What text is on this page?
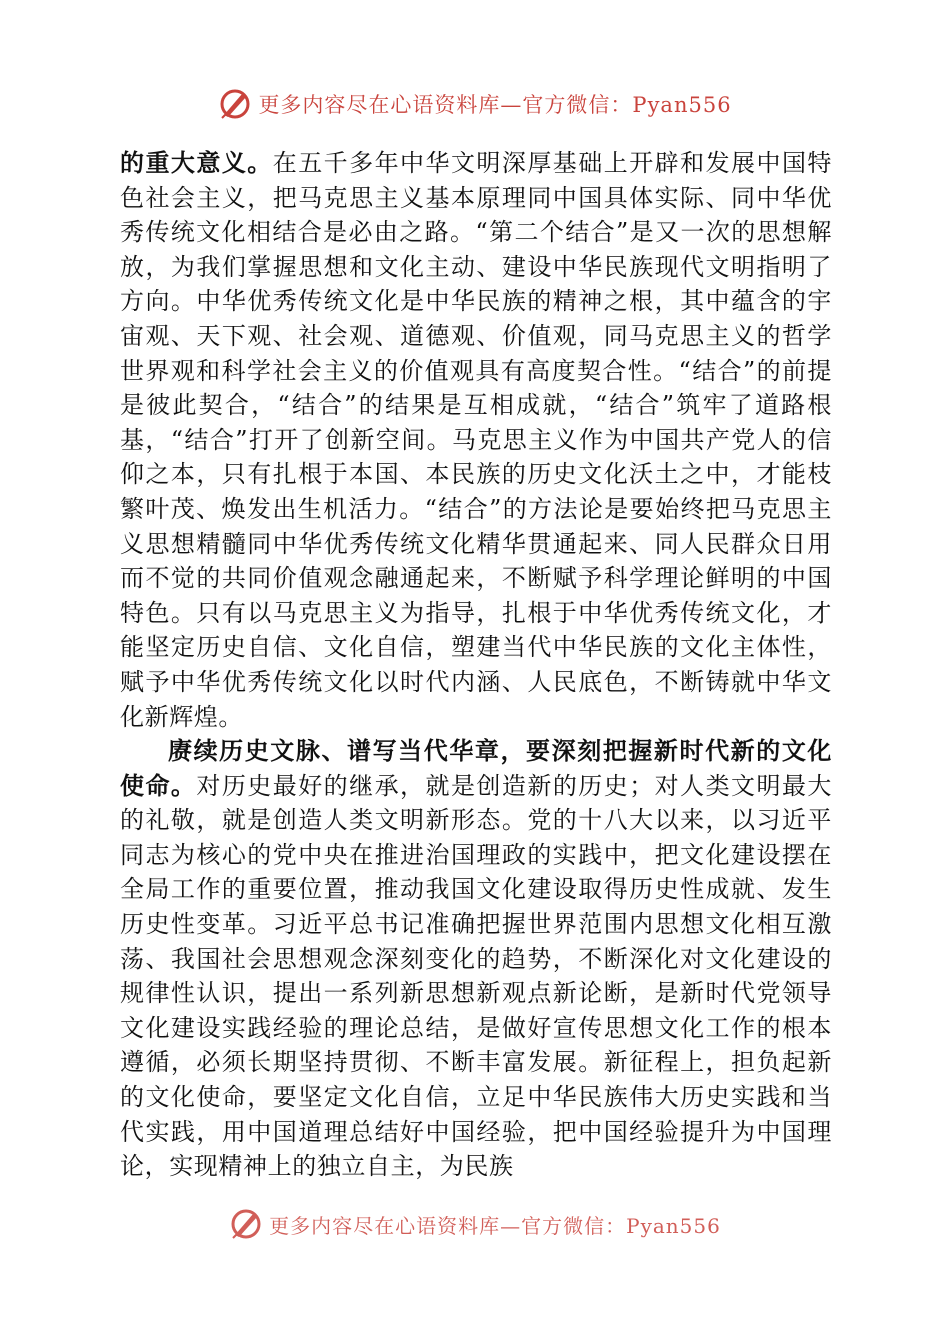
更多内容尽在心语资料库—官方微信：Pyan556

的重大意义。在五千多年中华文明深厚基础上开辟和发展中国特色社会主义，把马克思主义基本原理同中国具体实际、同中华优秀传统文化相结合是必由之路。“第二个结合”是又一次的思想解放，为我们掌握思想和文化主动、建设中华民族现代文明指明了方向。中华优秀传统文化是中华民族的精神之根，其中蕴含的宇宙观、天下观、社会观、道德观、价值观，同马克思主义的哲学世界观和科学社会主义的价值观具有高度契合性。“结合”的前提是彼此契合，“结合”的结果是互相成就，“结合”筑牢了道路根基，“结合”打开了创新空间。马克思主义作为中国共产党人的信仰之本，只有扎根于本国、本民族的历史文化沃土之中，才能枝繁叶茂、焕发出生机活力。“结合”的方法论是要始终把马克思主义思想精髓同中华优秀传统文化精华贯通起来、同人民群众日用而不觉的共同价值观念融通起来，不断赋予科学理论鲜明的中国特色。只有以马克思主义为指导，扎根于中华优秀传统文化，才能坚定历史自信、文化自信，塑建当代中华民族的文化主体性，赋予中华优秀传统文化以时代内涵、人民底色，不断铸就中华文化新辉煌。

赓续历史文脉、谱写当代华章，要深刻把握新时代新的文化使命。对历史最好的继承，就是创造新的历史；对人类文明最大的礼敬，就是创造人类文明新形态。党的十八大以来，以习近平同志为核心的党中央在推进治国理政的实践中，把文化建设摆在全局工作的重要位置，推动我国文化建设取得历史性成就、发生历史性变革。习近平总书记准确把握世界范围内思想文化相互激荡、我国社会思想观念深刻变化的趋势，不断深化对文化建设的规律性认识，提出一系列新思想新观点新论断，是新时代党领导文化建设实践经验的理论总结，是做好宣传思想文化工作的根本遵循，必须长期坚持贯彻、不断丰富发展。新征程上，担负起新的文化使命，要坚定文化自信，立足中华民族伟大历史实践和当代实践，用中国道理总结好中国经验，把中国经验提升为中国理论，实现精神上的独立自主，为民族

更多内容尽在心语资料库—官方微信：Pyan556
